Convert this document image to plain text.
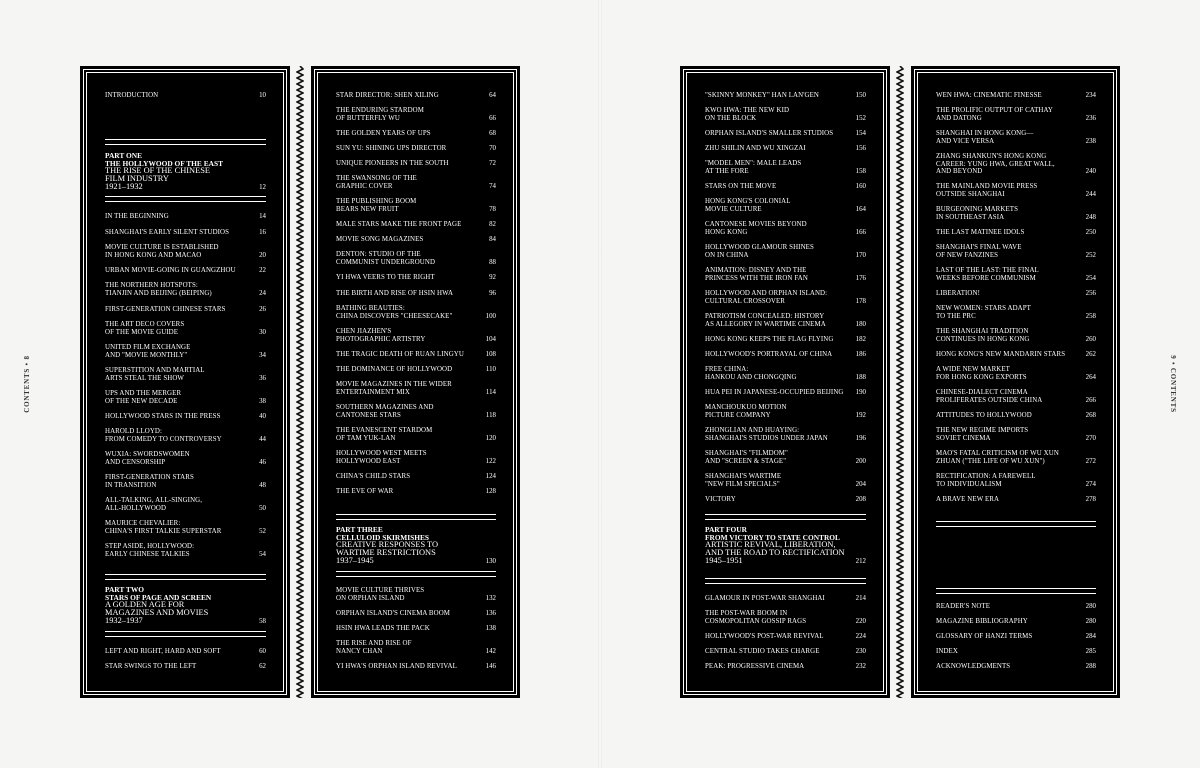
CONTENTS • 8	9 • CONTENTS
INTRODUCTION	10
PART ONE
THE HOLLYWOOD OF THE EAST
THE RISE OF THE CHINESE
FILM INDUSTRY
1921–1932	12
IN THE BEGINNING	14
SHANGHAI'S EARLY SILENT STUDIOS	16
MOVIE CULTURE IS ESTABLISHED
IN HONG KONG AND MACAO	20
URBAN MOVIE-GOING IN GUANGZHOU	22
THE NORTHERN HOTSPOTS:
TIANJIN AND BEIJING (BEIPING)	24
FIRST-GENERATION CHINESE STARS	26
THE ART DECO COVERS
OF THE MOVIE GUIDE	30
UNITED FILM EXCHANGE
AND "MOVIE MONTHLY"	34
SUPERSTITION AND MARTIAL
ARTS STEAL THE SHOW	36
UPS AND THE MERGER
OF THE NEW DECADE	38
HOLLYWOOD STARS IN THE PRESS	40
HAROLD LLOYD:
FROM COMEDY TO CONTROVERSY	44
WUXIA: SWORDSWOMEN
AND CENSORSHIP	46
FIRST-GENERATION STARS
IN TRANSITION	48
ALL-TALKING, ALL-SINGING,
ALL-HOLLYWOOD	50
MAURICE CHEVALIER:
CHINA'S FIRST TALKIE SUPERSTAR	52
STEP ASIDE, HOLLYWOOD:
EARLY CHINESE TALKIES	54
PART TWO
STARS OF PAGE AND SCREEN
A GOLDEN AGE FOR
MAGAZINES AND MOVIES
1932–1937	58
LEFT AND RIGHT, HARD AND SOFT	60
STAR SWINGS TO THE LEFT	62
STAR DIRECTOR: SHEN XILING	64
THE ENDURING STARDOM
OF BUTTERFLY WU	66
THE GOLDEN YEARS OF UPS	68
SUN YU: SHINING UPS DIRECTOR	70
UNIQUE PIONEERS IN THE SOUTH	72
THE SWANSONG OF THE
GRAPHIC COVER	74
THE PUBLISHING BOOM
BEARS NEW FRUIT	78
MALE STARS MAKE THE FRONT PAGE	82
MOVIE SONG MAGAZINES	84
DENTON: STUDIO OF THE
COMMUNIST UNDERGROUND	88
YI HWA VEERS TO THE RIGHT	92
THE BIRTH AND RISE OF HSIN HWA	96
BATHING BEAUTIES:
CHINA DISCOVERS "CHEESECAKE"	100
CHEN JIAZHEN'S
PHOTOGRAPHIC ARTISTRY	104
THE TRAGIC DEATH OF RUAN LINGYU	108
THE DOMINANCE OF HOLLYWOOD	110
MOVIE MAGAZINES IN THE WIDER
ENTERTAINMENT MIX	114
SOUTHERN MAGAZINES AND
CANTONESE STARS	118
THE EVANESCENT STARDOM
OF TAM YUK-LAN	120
HOLLYWOOD WEST MEETS
HOLLYWOOD EAST	122
CHINA'S CHILD STARS	124
THE EVE OF WAR	128
PART THREE
CELLULOID SKIRMISHES
CREATIVE RESPONSES TO
WARTIME RESTRICTIONS
1937–1945	130
MOVIE CULTURE THRIVES
ON ORPHAN ISLAND	132
ORPHAN ISLAND'S CINEMA BOOM	136
HSIN HWA LEADS THE PACK	138
THE RISE AND RISE OF
NANCY CHAN	142
YI HWA'S ORPHAN ISLAND REVIVAL	146
"SKINNY MONKEY" HAN LAN'GEN	150
KWO HWA: THE NEW KID
ON THE BLOCK	152
ORPHAN ISLAND'S SMALLER STUDIOS	154
ZHU SHILIN AND WU XINGZAI	156
"MODEL MEN": MALE LEADS
AT THE FORE	158
STARS ON THE MOVE	160
HONG KONG'S COLONIAL
MOVIE CULTURE	164
CANTONESE MOVIES BEYOND
HONG KONG	166
HOLLYWOOD GLAMOUR SHINES
ON IN CHINA	170
ANIMATION: DISNEY AND THE
PRINCESS WITH THE IRON FAN	176
HOLLYWOOD AND ORPHAN ISLAND:
CULTURAL CROSSOVER	178
PATRIOTISM CONCEALED: HISTORY
AS ALLEGORY IN WARTIME CINEMA	180
HONG KONG KEEPS THE FLAG FLYING	182
HOLLYWOOD'S PORTRAYAL OF CHINA	186
FREE CHINA:
HANKOU AND CHONGQING	188
HUA PEI IN JAPANESE-OCCUPIED BEIJING	190
MANCHOUKUO MOTION
PICTURE COMPANY	192
ZHONGLIAN AND HUAYING:
SHANGHAI'S STUDIOS UNDER JAPAN	196
SHANGHAI'S "FILMDOM"
AND "SCREEN & STAGE"	200
SHANGHAI'S WARTIME
"NEW FILM SPECIALS"	204
VICTORY	208
PART FOUR
FROM VICTORY TO STATE CONTROL
ARTISTIC REVIVAL, LIBERATION,
AND THE ROAD TO RECTIFICATION
1945–1951	212
GLAMOUR IN POST-WAR SHANGHAI	214
THE POST-WAR BOOM IN
COSMOPOLITAN GOSSIP RAGS	220
HOLLYWOOD'S POST-WAR REVIVAL	224
CENTRAL STUDIO TAKES CHARGE	230
PEAK: PROGRESSIVE CINEMA	232
WEN HWA: CINEMATIC FINESSE	234
THE PROLIFIC OUTPUT OF CATHAY
AND DATONG	236
SHANGHAI IN HONG KONG—
AND VICE VERSA	238
ZHANG SHANKUN'S HONG KONG
CAREER: YUNG HWA, GREAT WALL,
AND BEYOND	240
THE MAINLAND MOVIE PRESS
OUTSIDE SHANGHAI	244
BURGEONING MARKETS
IN SOUTHEAST ASIA	248
THE LAST MATINEE IDOLS	250
SHANGHAI'S FINAL WAVE
OF NEW FANZINES	252
LAST OF THE LAST: THE FINAL
WEEKS BEFORE COMMUNISM	254
LIBERATION!	256
NEW WOMEN: STARS ADAPT
TO THE PRC	258
THE SHANGHAI TRADITION
CONTINUES IN HONG KONG	260
HONG KONG'S NEW MANDARIN STARS	262
A WIDE NEW MARKET
FOR HONG KONG EXPORTS	264
CHINESE-DIALECT CINEMA
PROLIFERATES OUTSIDE CHINA	266
ATTITUDES TO HOLLYWOOD	268
THE NEW REGIME IMPORTS
SOVIET CINEMA	270
MAO'S FATAL CRITICISM OF WU XUN
ZHUAN ("THE LIFE OF WU XUN")	272
RECTIFICATION: A FAREWELL
TO INDIVIDUALISM	274
A BRAVE NEW ERA	278
READER'S NOTE	280
MAGAZINE BIBLIOGRAPHY	280
GLOSSARY OF HANZI TERMS	284
INDEX	285
ACKNOWLEDGMENTS	288
